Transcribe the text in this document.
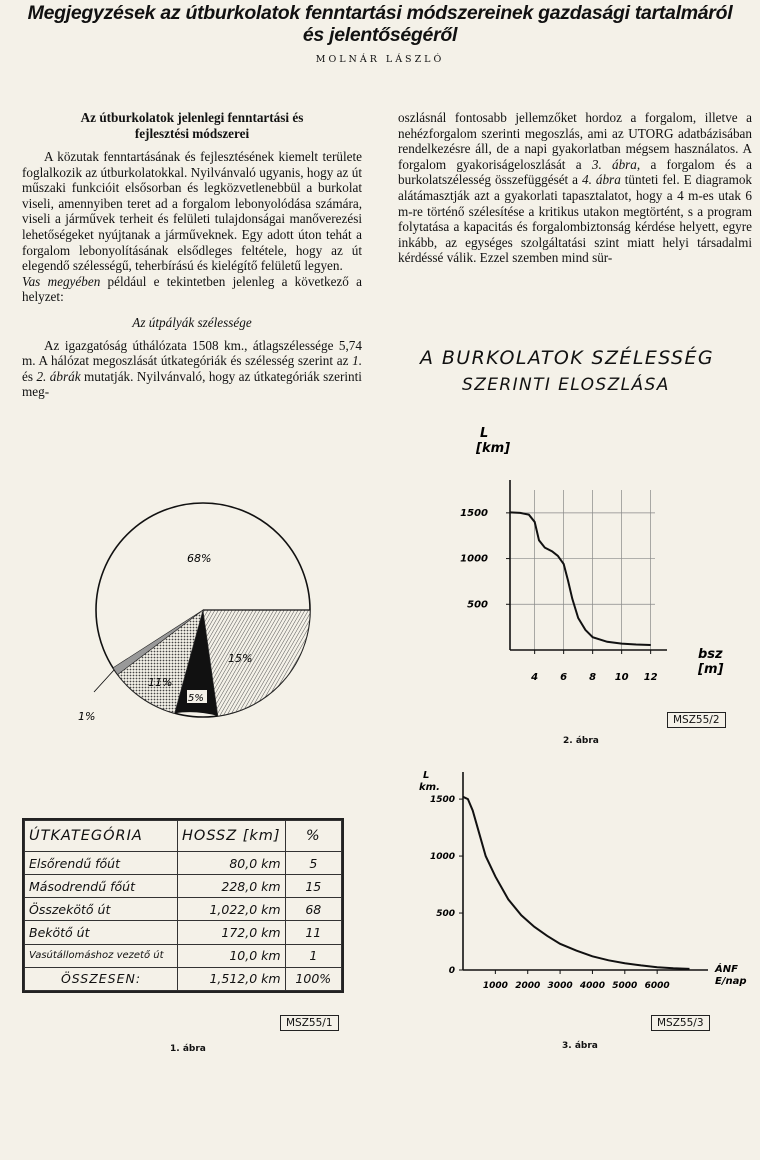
Megjegyzések az útburkolatok fenntartási módszereinek gazdasági tartalmáról
és jelentőségéről
MOLNÁR LÁSZLÓ
Az útburkolatok jelenlegi fenntartási és
fejlesztési módszerei

A közutak fenntartásának és fejlesztésének kiemelt területe foglalkozik az útburkolatokkal. Nyilvánvaló ugyanis, hogy az út műszaki funkcióit elsősorban és legközvetlenebbül a burkolat viseli, amennyiben teret ad a forgalom lebonyolódása számára, viseli a járművek terheit és felületi tulajdonságai manőverezési lehetőségeket nyújtanak a járműveknek. Egy adott úton tehát a forgalom lebonyolításának elsődleges feltétele, hogy az út elegendő szélességű, teherbírású és kielégítő felületű legyen.

Vas megyében például e tekintetben jelenleg a következő a helyzet:

Az útpályák szélessége

Az igazgatóság úthálózata 1508 km., átlagszélessége 5,74 m. A hálózat megoszlását útkategóriák és szélesség szerint az 1. és 2. ábrák mutatják. Nyilvánvaló, hogy az útkategóriák szerinti meg-

oszlásnál fontosabb jellemzőket hordoz a forgalom, illetve a nehézforgalom szerinti megoszlás, ami az UTORG adatbázisában rendelkezésre áll, de a napi gyakorlatban mégsem használatos. A forgalom gyakoriságeloszlását a 3. ábra, a forgalom és a burkolatszélesség összefüggését a 4. ábra tünteti fel. E diagramok alátámasztják azt a gyakorlati tapasztalatot, hogy a 4 m-es utak 6 m-re történő szélesítése a kritikus utakon megtörtént, s a program folytatása a kapacitás és forgalombiztonság kérdése helyett, egyre inkább, az egységes szolgáltatási szint miatt helyi társadalmi kérdéssé válik. Ezzel szemben mind sür-

68%
15%
11%
5%
1%
ÚTKATEGÓRIA	HOSSZ [km]	%
Elsőrendű főút	80,0 km	5
Másodrendű főút	228,0 km	15
Összekötő út	1,022,0 km	68
Bekötő út	172,0 km	11
Vasútállomáshoz vezető út	10,0 km	1
ÖSSZESEN:	1,512,0 km	100%
MSZ55/1
1. ábra
A BURKOLATOK SZÉLESSÉG
SZERINTI ELOSZLÁSA
4 6 8 10 12
500
1000
1500
L
[km]
bsz
[m]
MSZ55/2
2. ábra
1000 2000 3000 4000 5000 6000
0
500
1000
1500
L
km.
ÁNF
E/nap
MSZ55/3
3. ábra
